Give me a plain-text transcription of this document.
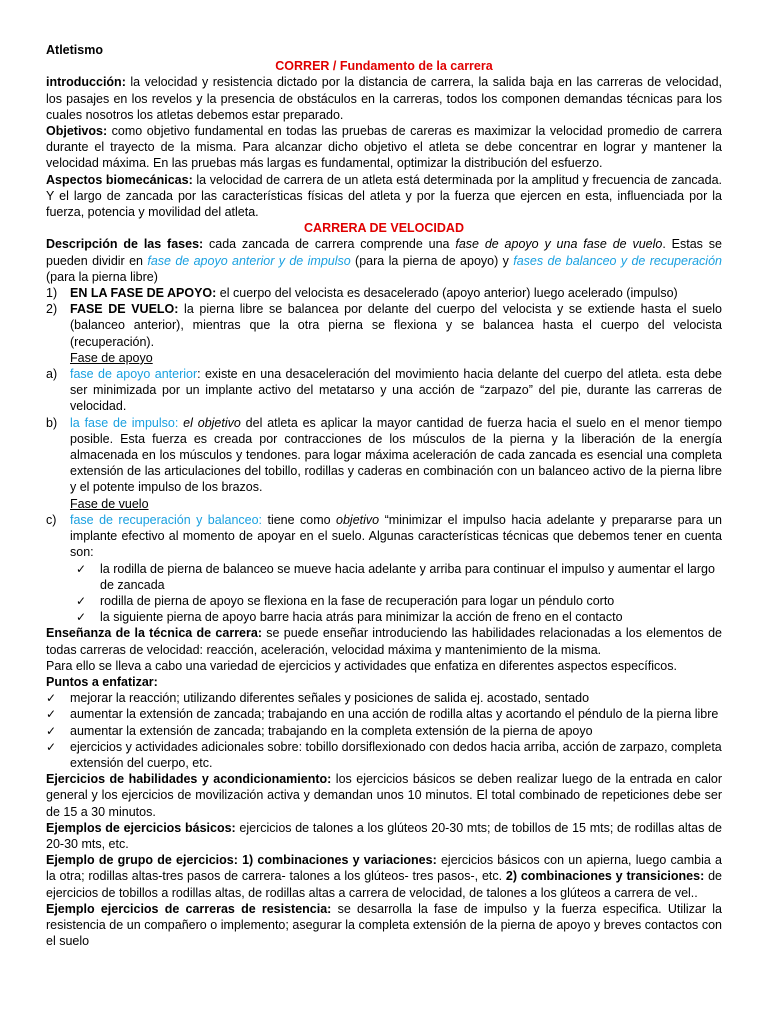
Atletismo

CORRER / Fundamento de la carrera

introducción: la velocidad y resistencia dictado por la distancia de carrera, la salida baja en las carreras de velocidad, los pasajes en los revelos y la presencia de obstáculos en la carreras, todos los componen demandas técnicas para los cuales nosotros los atletas debemos estar preparado.

Objetivos: como objetivo fundamental en todas las pruebas de careras es maximizar la velocidad promedio de carrera durante el trayecto de la misma. Para alcanzar dicho objetivo el atleta se debe concentrar en lograr y mantener la velocidad máxima. En las pruebas más largas es fundamental, optimizar la distribución del esfuerzo.

Aspectos biomecánicas: la velocidad de carrera de un atleta está determinada por la amplitud y frecuencia de zancada. Y el largo de zancada por las características físicas del atleta y por la fuerza que ejercen en esta, influenciada por la fuerza, potencia y movilidad del atleta.

CARRERA DE VELOCIDAD

Descripción de las fases: cada zancada de carrera comprende una fase de apoyo y una fase de vuelo. Estas se pueden dividir en fase de apoyo anterior y de impulso (para la pierna de apoyo) y fases de balanceo y de recuperación (para la pierna libre)

1)	EN LA FASE DE APOYO: el cuerpo del velocista es desacelerado (apoyo anterior) luego acelerado (impulso)
2)	FASE DE VUELO: la pierna libre se balancea por delante del cuerpo del velocista y se extiende hasta el suelo (balanceo anterior), mientras que la otra pierna se flexiona y se balancea hasta el cuerpo del velocista (recuperación).

Fase de apoyo

a)	fase de apoyo anterior: existe en una desaceleración del movimiento hacia delante del cuerpo del atleta. esta debe ser minimizada por un implante activo del metatarso y una acción de “zarpazo” del pie, durante las carreras de velocidad.
b)	la fase de impulso: el objetivo del atleta es aplicar la mayor cantidad de fuerza hacia el suelo en el menor tiempo posible. Esta fuerza es creada por contracciones de los músculos de la pierna y la liberación de la energía almacenada en los músculos y tendones. para logar máxima aceleración de cada zancada es esencial una completa extensión de las articulaciones del tobillo, rodillas y caderas en combinación con un balanceo activo de la pierna libre y el potente impulso de los brazos.

Fase de vuelo

c)	fase de recuperación y balanceo: tiene como objetivo “minimizar el impulso hacia adelante y prepararse para un implante efectivo al momento de apoyar en el suelo. Algunas características técnicas que debemos tener en cuenta son:
✓	la rodilla de pierna de balanceo se mueve hacia adelante y arriba para continuar el impulso y aumentar el largo de zancada
✓	rodilla de pierna de apoyo se flexiona en la fase de recuperación para logar un péndulo corto
✓	la siguiente pierna de apoyo barre hacia atrás para minimizar la acción de freno en el contacto

Enseñanza de la técnica de carrera: se puede enseñar introduciendo las habilidades relacionadas a los elementos de todas carreras de velocidad: reacción, aceleración, velocidad máxima y mantenimiento de la misma.

Para ello se lleva a cabo una variedad de ejercicios y actividades que enfatiza en diferentes aspectos específicos.

Puntos a enfatizar:

✓	mejorar la reacción; utilizando diferentes señales y posiciones de salida ej. acostado, sentado
✓	aumentar la extensión de zancada; trabajando en una acción de rodilla altas y acortando el péndulo de la pierna libre
✓	aumentar la extensión de zancada; trabajando en la completa extensión de la pierna de apoyo
✓	ejercicios y actividades adicionales sobre: tobillo dorsiflexionado con dedos hacia arriba, acción de zarpazo, completa extensión del cuerpo, etc.

Ejercicios de habilidades y acondicionamiento: los ejercicios básicos se deben realizar luego de la entrada en calor general y los ejercicios de movilización activa y demandan unos 10 minutos. El total combinado de repeticiones debe ser de 15 a 30 minutos.

Ejemplos de ejercicios básicos: ejercicios de talones a los glúteos 20-30 mts; de tobillos de 15 mts; de rodillas altas de 20-30 mts, etc.

Ejemplo de grupo de ejercicios: 1) combinaciones y variaciones: ejercicios básicos con un apierna, luego cambia a la otra; rodillas altas-tres pasos de carrera- talones a los glúteos- tres pasos-, etc. 2) combinaciones y transiciones: de ejercicios de tobillos a rodillas altas, de rodillas altas a carrera de velocidad, de talones a los glúteos a carrera de vel..

Ejemplo ejercicios de carreras de resistencia: se desarrolla la fase de impulso y la fuerza especifica. Utilizar la resistencia de un compañero o implemento; asegurar la completa extensión de la pierna de apoyo y breves contactos con el suelo
